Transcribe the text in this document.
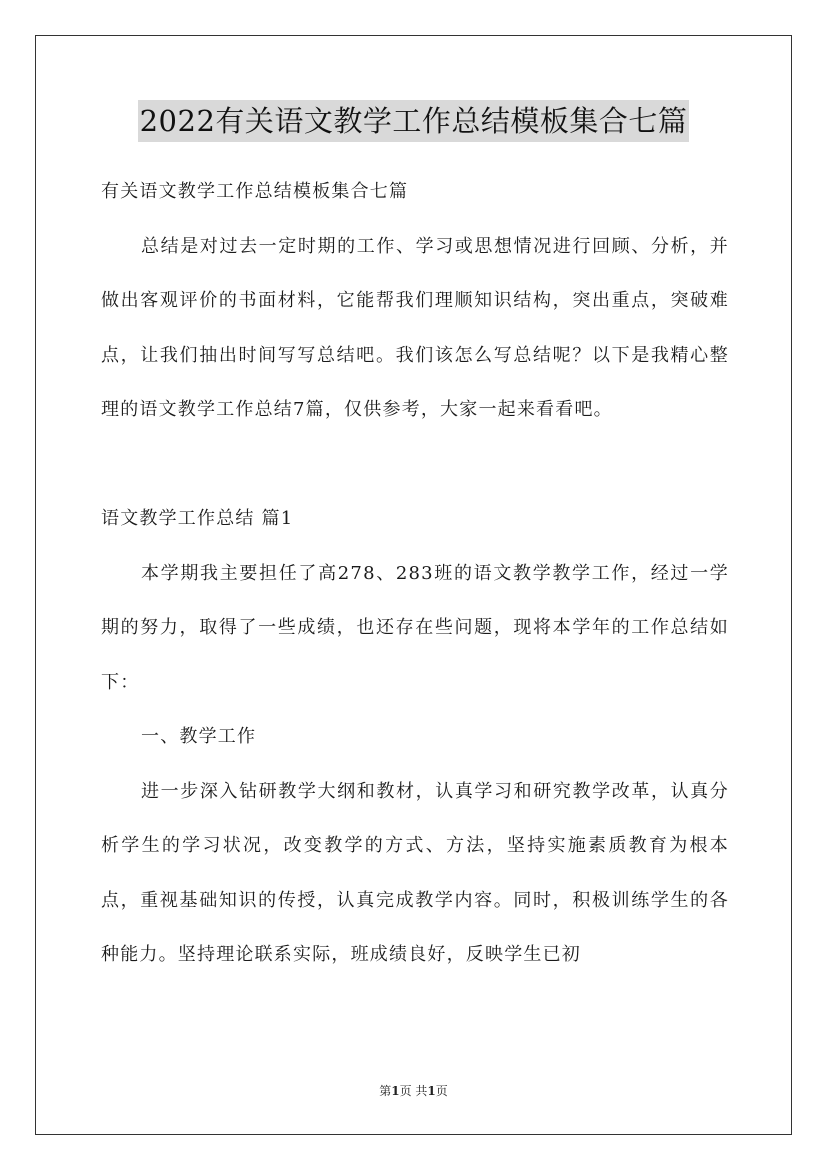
2022有关语文教学工作总结模板集合七篇

有关语文教学工作总结模板集合七篇

总结是对过去一定时期的工作、学习或思想情况进行回顾、分析，并做出客观评价的书面材料，它能帮我们理顺知识结构，突出重点，突破难点，让我们抽出时间写写总结吧。我们该怎么写总结呢？以下是我精心整理的语文教学工作总结7篇，仅供参考，大家一起来看看吧。

语文教学工作总结 篇1

本学期我主要担任了高278、283班的语文教学教学工作，经过一学期的努力，取得了一些成绩，也还存在些问题，现将本学年的工作总结如下：

一、教学工作

进一步深入钻研教学大纲和教材，认真学习和研究教学改革，认真分析学生的学习状况，改变教学的方式、方法，坚持实施素质教育为根本点，重视基础知识的传授，认真完成教学内容。同时，积极训练学生的各种能力。坚持理论联系实际，班成绩良好，反映学生已初

第1页 共1页
